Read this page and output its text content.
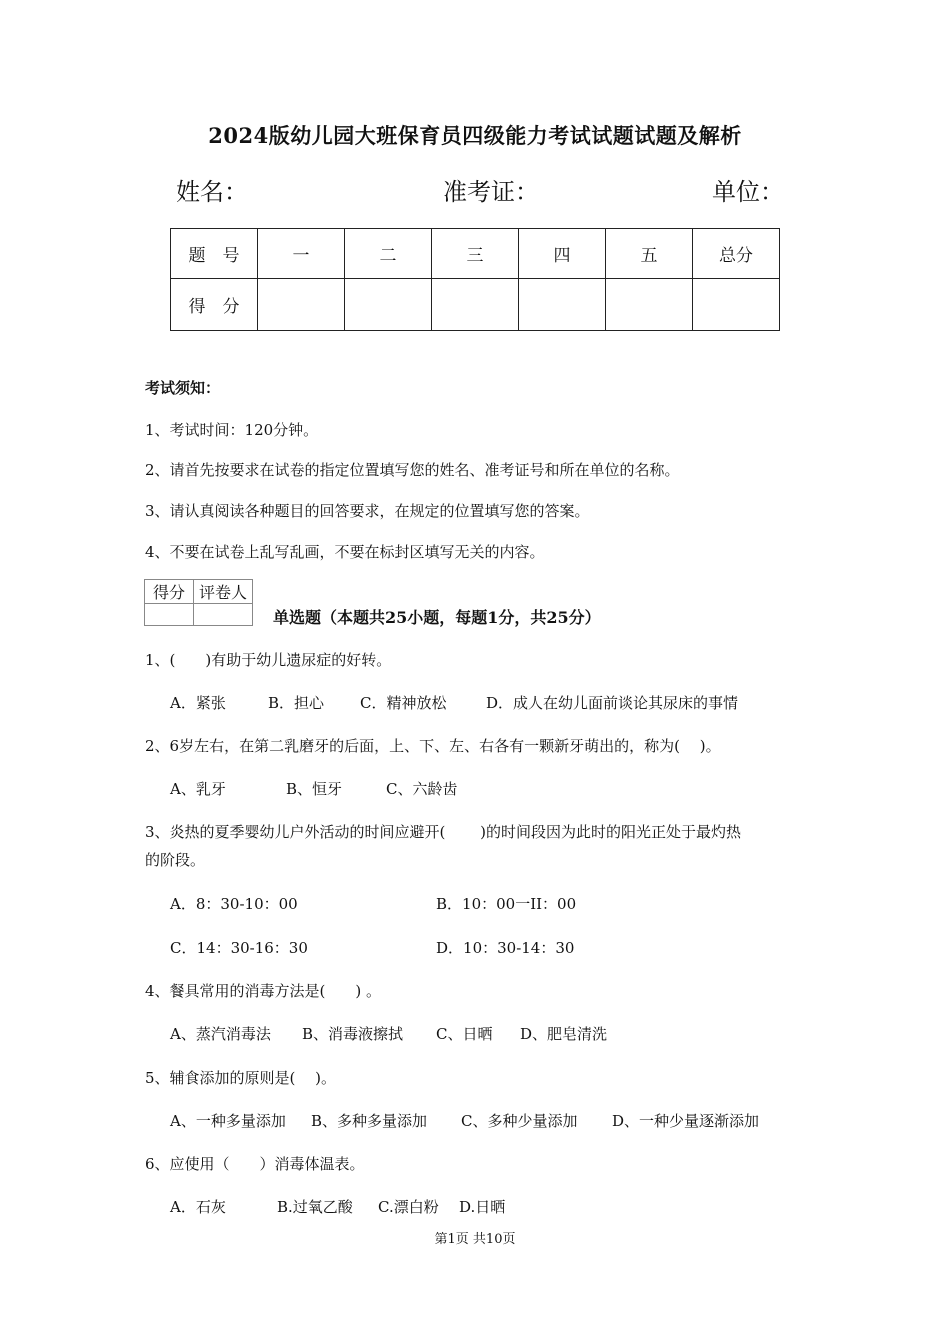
2024版幼儿园大班保育员四级能力考试试题试题及解析
姓名：	准考证：	单位：
题　号	一	二	三	四	五	总分
得　分						
考试须知：
1、考试时间：120分钟。
2、请首先按要求在试卷的指定位置填写您的姓名、准考证号和所在单位的名称。
3、请认真阅读各种题目的回答要求，在规定的位置填写您的答案。
4、不要在试卷上乱写乱画，不要在标封区填写无关的内容。
得分	评卷人

单选题（本题共25小题，每题1分，共25分）
1、(　　)有助于幼儿遗尿症的好转。
A．紧张	B．担心 C．精神放松	D．成人在幼儿面前谈论其尿床的事情
2、6岁左右，在第二乳磨牙的后面，上、下、左、右各有一颗新牙萌出的，称为(　 )。
A、乳牙	B、恒牙	C、六龄齿
3、炎热的夏季婴幼儿户外活动的时间应避开(　　 )的时间段因为此时的阳光正处于最灼热
的阶段。
A．8：30-10：00	B．10：00一II：00
C．14：30-16：30	D．10：30-14：30
4、餐具常用的消毒方法是(　　) 。
A、蒸汽消毒法 B、消毒液擦拭 C、日晒 D、肥皂清洗
5、辅食添加的原则是(　 )。
A、一种多量添加 B、多种多量添加 C、多种少量添加 D、一种少量逐渐添加
6、应使用（　　）消毒体温表。
A．石灰	B.过氧乙酸 C.漂白粉 D.日晒
第1页 共10页
